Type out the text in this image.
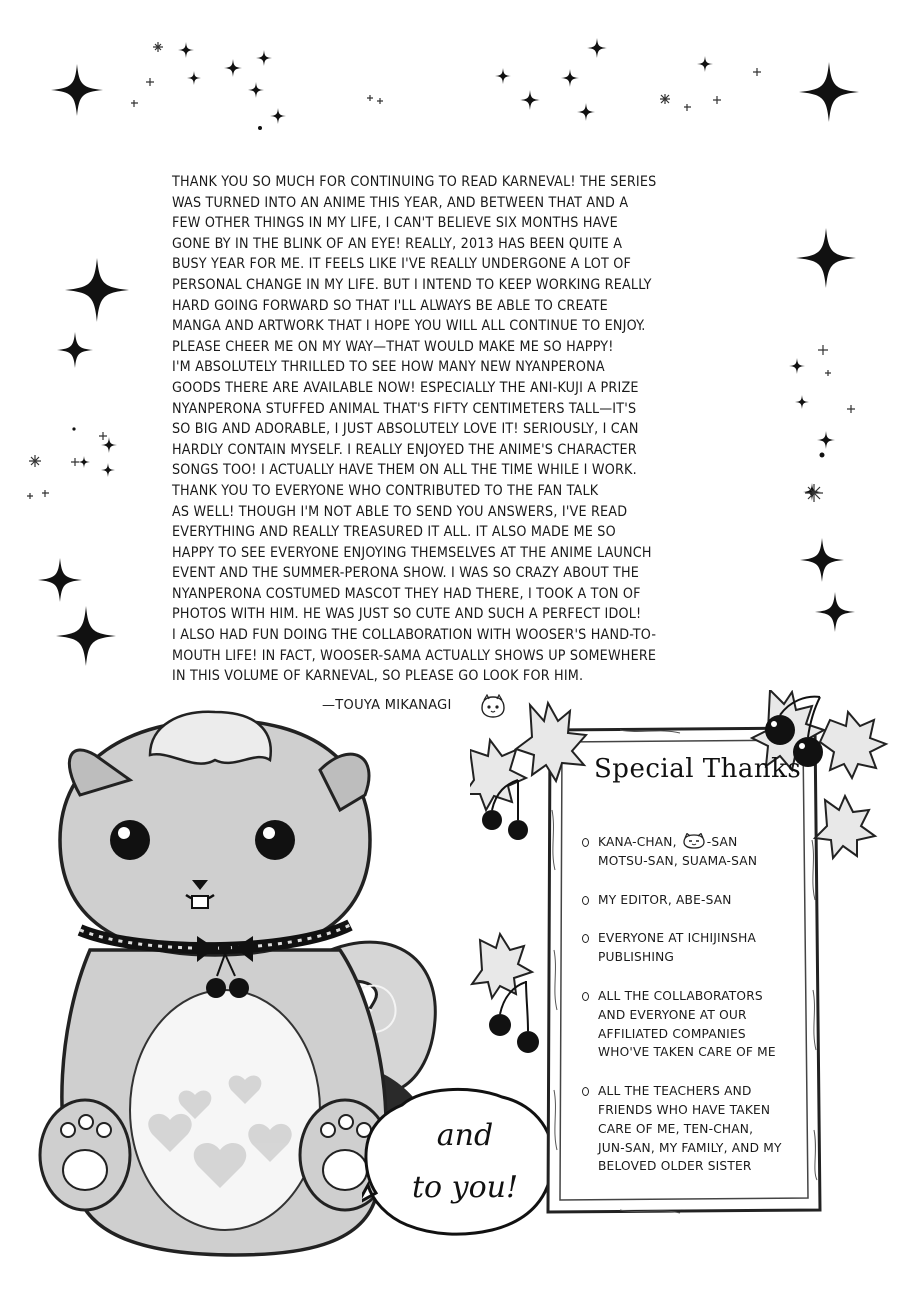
THANK YOU SO MUCH FOR CONTINUING TO READ KARNEVAL! THE SERIES
WAS TURNED INTO AN ANIME THIS YEAR, AND BETWEEN THAT AND A
FEW OTHER THINGS IN MY LIFE, I CAN'T BELIEVE SIX MONTHS HAVE
GONE BY IN THE BLINK OF AN EYE! REALLY, 2013 HAS BEEN QUITE A
BUSY YEAR FOR ME. IT FEELS LIKE I'VE REALLY UNDERGONE A LOT OF
PERSONAL CHANGE IN MY LIFE. BUT I INTEND TO KEEP WORKING REALLY
HARD GOING FORWARD SO THAT I'LL ALWAYS BE ABLE TO CREATE
MANGA AND ARTWORK THAT I HOPE YOU WILL ALL CONTINUE TO ENJOY.
PLEASE CHEER ME ON MY WAY—THAT WOULD MAKE ME SO HAPPY!
I'M ABSOLUTELY THRILLED TO SEE HOW MANY NEW NYANPERONA
GOODS THERE ARE AVAILABLE NOW! ESPECIALLY THE ANI-KUJI A PRIZE
NYANPERONA STUFFED ANIMAL THAT'S FIFTY CENTIMETERS TALL—IT'S
SO BIG AND ADORABLE, I JUST ABSOLUTELY LOVE IT! SERIOUSLY, I CAN
HARDLY CONTAIN MYSELF. I REALLY ENJOYED THE ANIME'S CHARACTER
SONGS TOO! I ACTUALLY HAVE THEM ON ALL THE TIME WHILE I WORK.
THANK YOU TO EVERYONE WHO CONTRIBUTED TO THE FAN TALK
AS WELL! THOUGH I'M NOT ABLE TO SEND YOU ANSWERS, I'VE READ
EVERYTHING AND REALLY TREASURED IT ALL. IT ALSO MADE ME SO
HAPPY TO SEE EVERYONE ENJOYING THEMSELVES AT THE ANIME LAUNCH
EVENT AND THE SUMMER-PERONA SHOW. I WAS SO CRAZY ABOUT THE
NYANPERONA COSTUMED MASCOT THEY HAD THERE, I TOOK A TON OF
PHOTOS WITH HIM. HE WAS JUST SO CUTE AND SUCH A PERFECT IDOL!
I ALSO HAD FUN DOING THE COLLABORATION WITH WOOSER'S HAND-TO-
MOUTH LIFE! IN FACT, WOOSER-SAMA ACTUALLY SHOWS UP SOMEWHERE
IN THIS VOLUME OF KARNEVAL, SO PLEASE GO LOOK FOR HIM.
—TOUYA MIKANAGI
and
to you!
Special Thanks
KANA-CHAN, -SAN
MOTSU-SAN, SUAMA-SAN
MY EDITOR, ABE-SAN
EVERYONE AT ICHIJINSHA
PUBLISHING
ALL THE COLLABORATORS
AND EVERYONE AT OUR
AFFILIATED COMPANIES
WHO'VE TAKEN CARE OF ME
ALL THE TEACHERS AND
FRIENDS WHO HAVE TAKEN
CARE OF ME, TEN-CHAN,
JUN-SAN, MY FAMILY, AND MY
BELOVED OLDER SISTER
